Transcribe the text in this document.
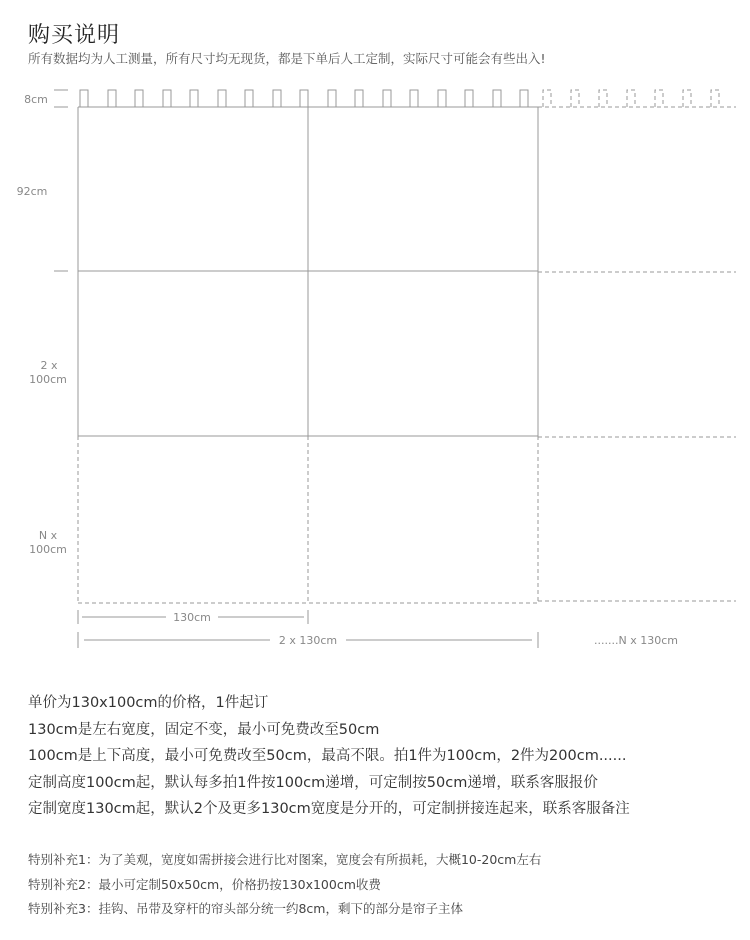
购买说明
所有数据均为人工测量，所有尺寸均无现货，都是下单后人工定制，实际尺寸可能会有些出入!
8cm
92cm
2 x
100cm
N x
100cm
130cm
2 x 130cm	.......N x 130cm
单价为130x100cm的价格，1件起订
130cm是左右宽度，固定不变，最小可免费改至50cm
100cm是上下高度，最小可免费改至50cm，最高不限。拍1件为100cm，2件为200cm......
定制高度100cm起，默认每多拍1件按100cm递增，可定制按50cm递增，联系客服报价
定制宽度130cm起，默认2个及更多130cm宽度是分开的，可定制拼接连起来，联系客服备注
特别补充1：为了美观，宽度如需拼接会进行比对图案，宽度会有所损耗，大概10-20cm左右
特别补充2：最小可定制50x50cm，价格扔按130x100cm收费
特别补充3：挂钩、吊带及穿杆的帘头部分统一约8cm，剩下的部分是帘子主体
